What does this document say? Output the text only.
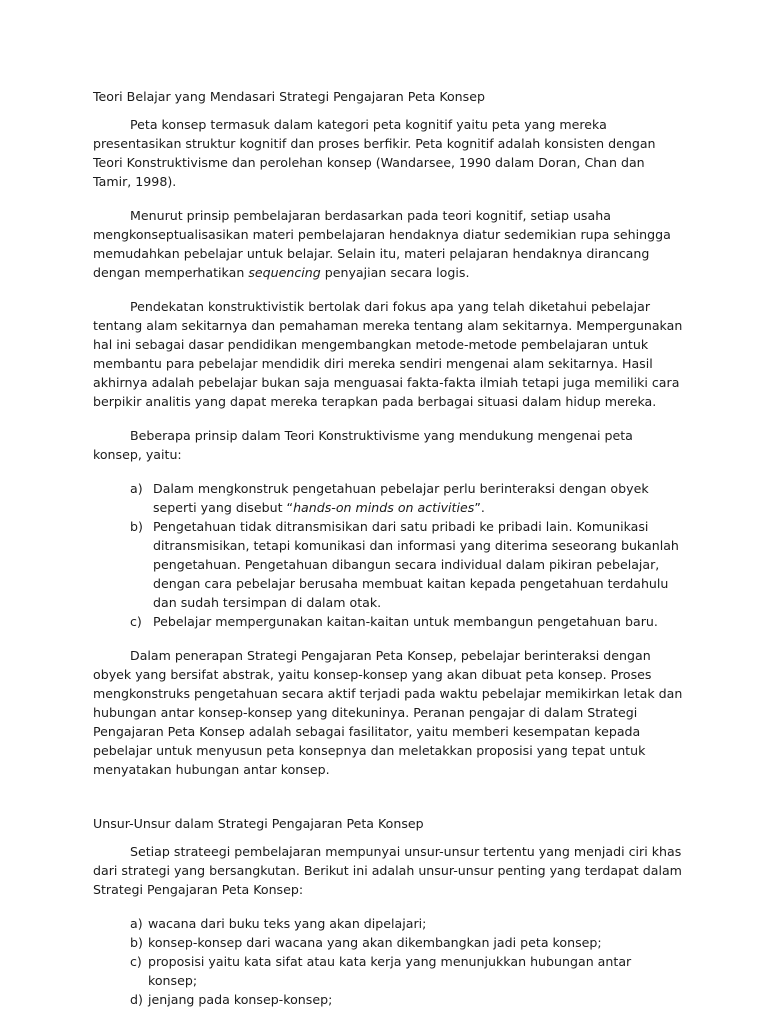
Teori Belajar yang Mendasari Strategi Pengajaran Peta Konsep

Peta konsep termasuk dalam kategori peta kognitif yaitu peta yang mereka presentasikan struktur kognitif dan proses berfikir. Peta kognitif adalah konsisten dengan Teori Konstruktivisme dan perolehan konsep (Wandarsee, 1990 dalam Doran, Chan dan Tamir, 1998).

Menurut prinsip pembelajaran berdasarkan pada teori kognitif, setiap usaha mengkonseptualisasikan materi pembelajaran hendaknya diatur sedemikian rupa sehingga memudahkan pebelajar untuk belajar. Selain itu, materi pelajaran hendaknya dirancang dengan memperhatikan sequencing penyajian secara logis.

Pendekatan konstruktivistik bertolak dari fokus apa yang telah diketahui pebelajar tentang alam sekitarnya dan pemahaman mereka tentang alam sekitarnya. Mempergunakan hal ini sebagai dasar pendidikan mengembangkan metode-metode pembelajaran untuk membantu para pebelajar mendidik diri mereka sendiri mengenai alam sekitarnya. Hasil akhirnya adalah pebelajar bukan saja menguasai fakta-fakta ilmiah tetapi juga memiliki cara berpikir analitis yang dapat mereka terapkan pada berbagai situasi dalam hidup mereka.

Beberapa prinsip dalam Teori Konstruktivisme yang mendukung mengenai peta konsep, yaitu:

a) Dalam mengkonstruk pengetahuan pebelajar perlu berinteraksi dengan obyek seperti yang disebut “hands-on minds on activities”.
b) Pengetahuan tidak ditransmisikan dari satu pribadi ke pribadi lain. Komunikasi ditransmisikan, tetapi komunikasi dan informasi yang diterima seseorang bukanlah pengetahuan. Pengetahuan dibangun secara individual dalam pikiran pebelajar, dengan cara pebelajar berusaha membuat kaitan kepada pengetahuan terdahulu dan sudah tersimpan di dalam otak.
c) Pebelajar mempergunakan kaitan-kaitan untuk membangun pengetahuan baru.

Dalam penerapan Strategi Pengajaran Peta Konsep, pebelajar berinteraksi dengan obyek yang bersifat abstrak, yaitu konsep-konsep yang akan dibuat peta konsep. Proses mengkonstruks pengetahuan secara aktif terjadi pada waktu pebelajar memikirkan letak dan hubungan antar konsep-konsep yang ditekuninya. Peranan pengajar di dalam Strategi Pengajaran Peta Konsep adalah sebagai fasilitator, yaitu memberi kesempatan kepada pebelajar untuk menyusun peta konsepnya dan meletakkan proposisi yang tepat untuk menyatakan hubungan antar konsep.

Unsur-Unsur dalam Strategi Pengajaran Peta Konsep

Setiap strateegi pembelajaran mempunyai unsur-unsur tertentu yang menjadi ciri khas dari strategi yang bersangkutan. Berikut ini adalah unsur-unsur penting yang terdapat dalam Strategi Pengajaran Peta Konsep:

a) wacana dari buku teks yang akan dipelajari;
b) konsep-konsep dari wacana yang akan dikembangkan jadi peta konsep;
c) proposisi yaitu kata sifat atau kata kerja yang menunjukkan hubungan antar konsep;
d) jenjang pada konsep-konsep;
